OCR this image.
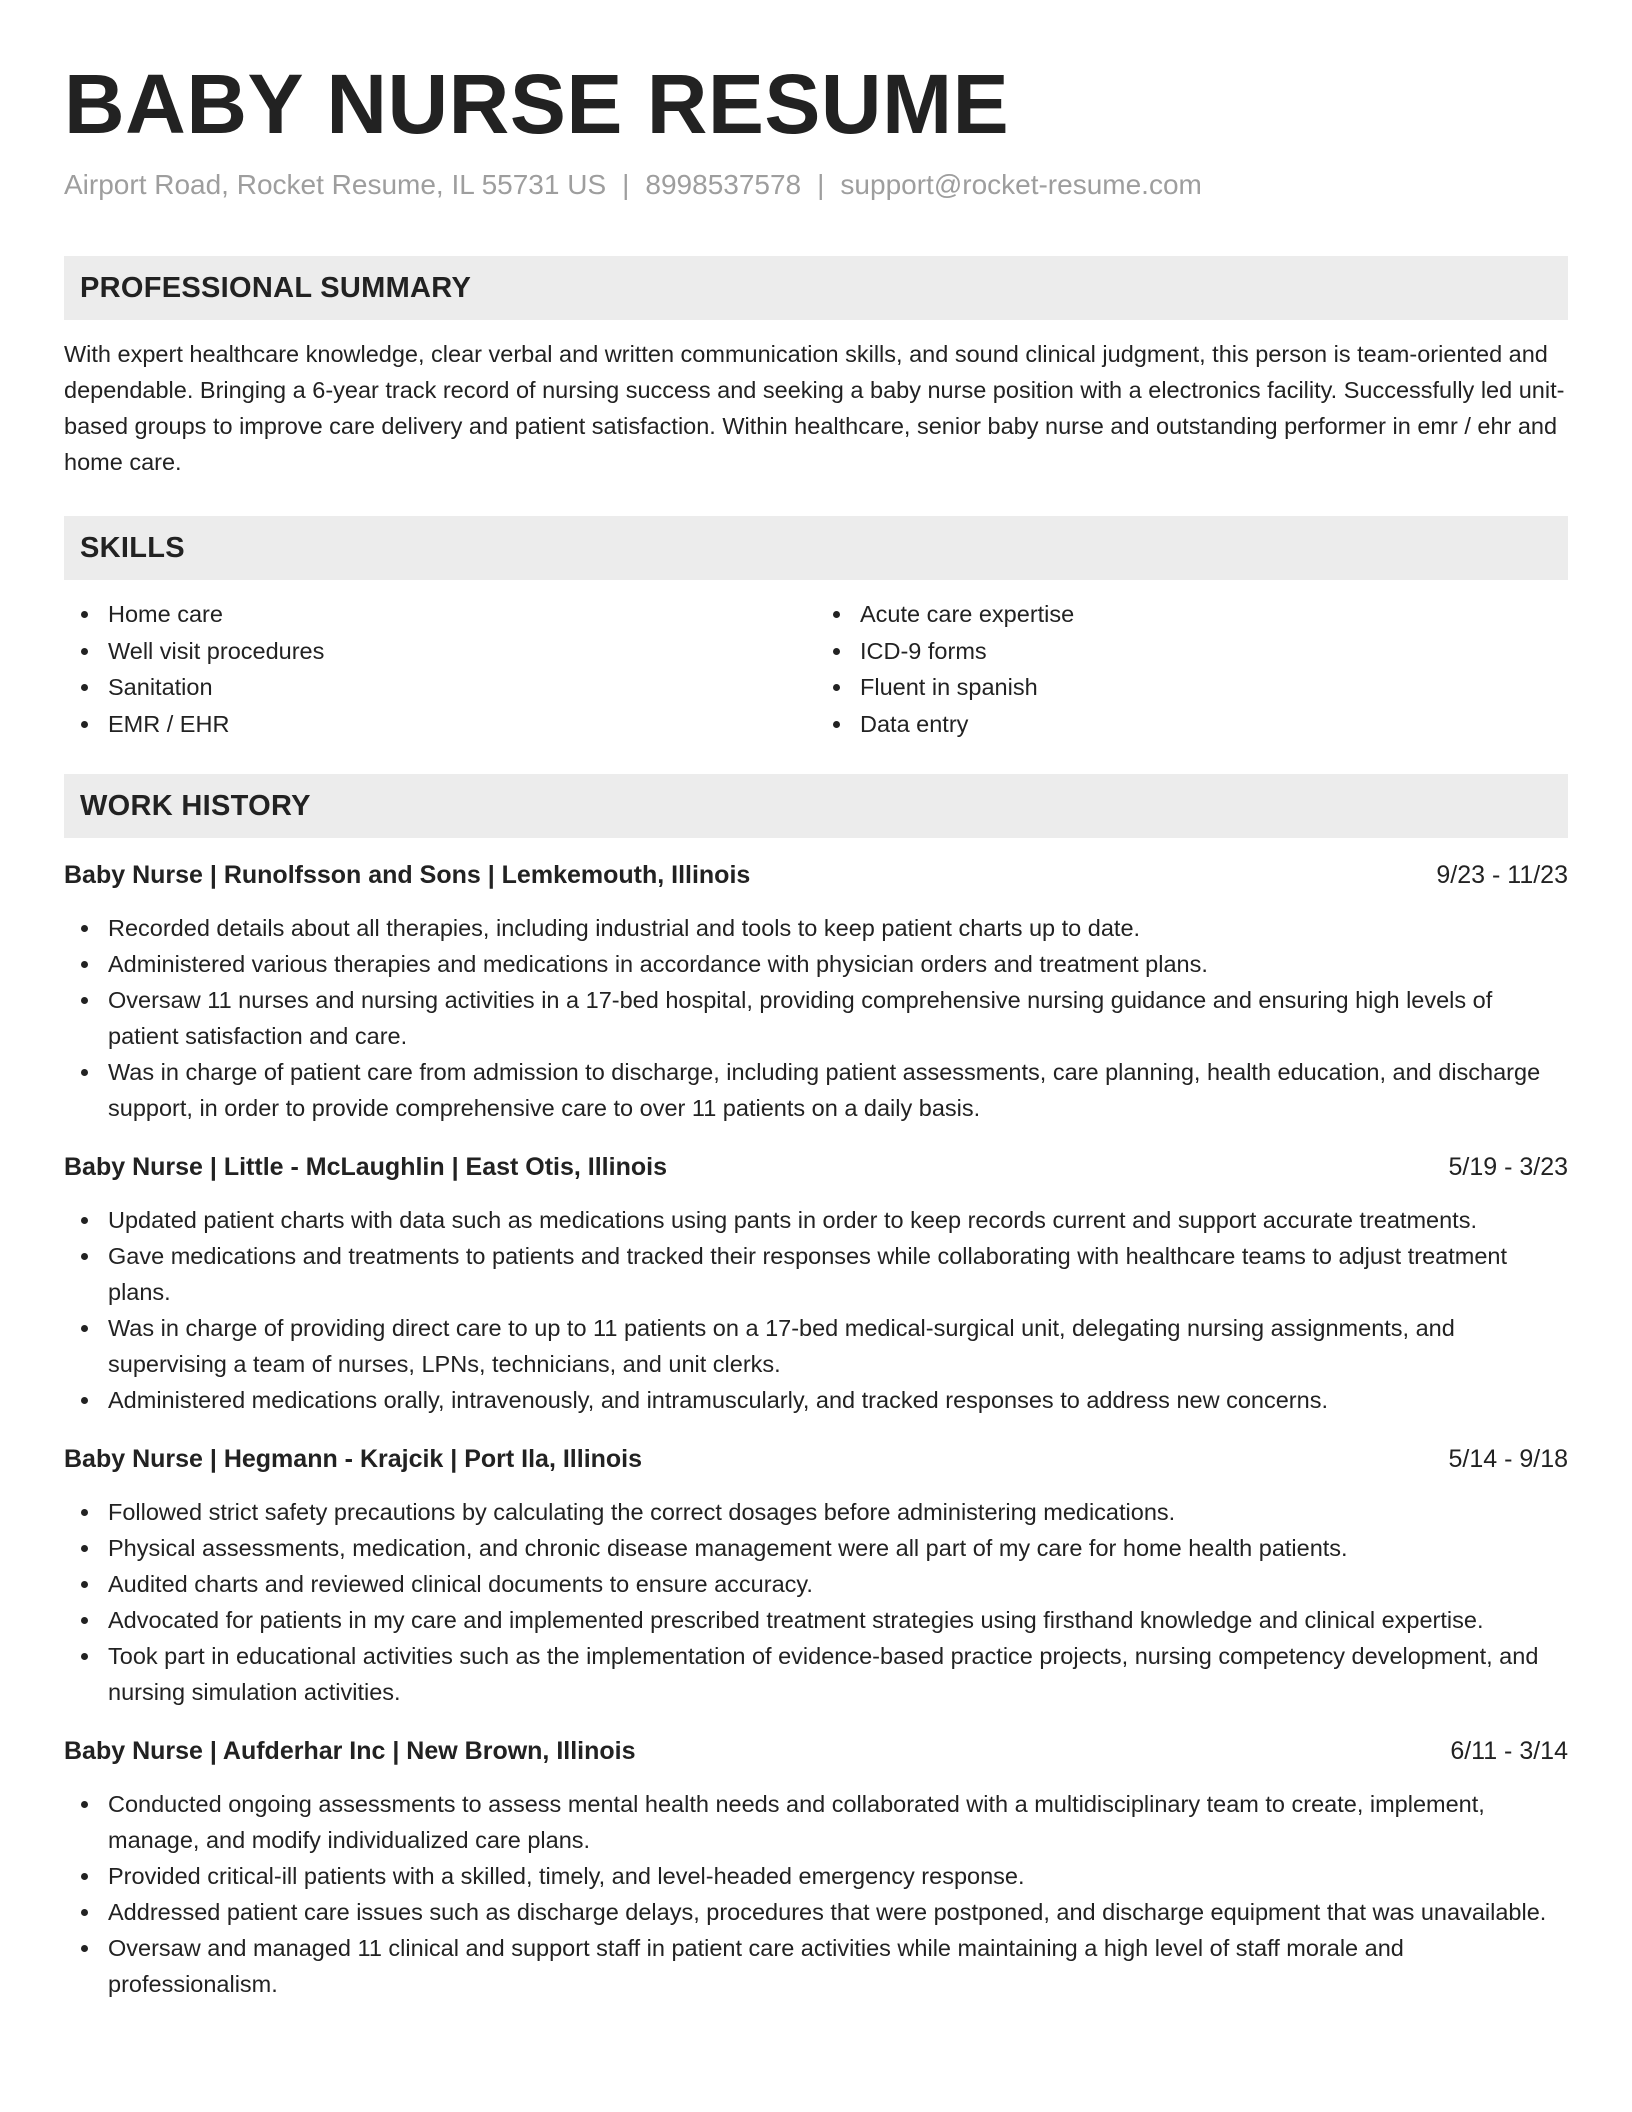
BABY NURSE RESUME
Airport Road, Rocket Resume, IL 55731 US | 8998537578 | support@rocket-resume.com
PROFESSIONAL SUMMARY

With expert healthcare knowledge, clear verbal and written communication skills, and sound clinical judgment, this person is team-oriented and dependable. Bringing a 6-year track record of nursing success and seeking a baby nurse position with a electronics facility. Successfully led unit-based groups to improve care delivery and patient satisfaction. Within healthcare, senior baby nurse and outstanding performer in emr / ehr and home care.

SKILLS
Home care
Well visit procedures
Sanitation
EMR / EHR
Acute care expertise
ICD-9 forms
Fluent in spanish
Data entry
WORK HISTORY
Baby Nurse | Runolfsson and Sons | Lemkemouth, Illinois	9/23 - 11/23
Recorded details about all therapies, including industrial and tools to keep patient charts up to date.
Administered various therapies and medications in accordance with physician orders and treatment plans.
Oversaw 11 nurses and nursing activities in a 17-bed hospital, providing comprehensive nursing guidance and ensuring high levels of patient satisfaction and care.
Was in charge of patient care from admission to discharge, including patient assessments, care planning, health education, and discharge support, in order to provide comprehensive care to over 11 patients on a daily basis.
Baby Nurse | Little - McLaughlin | East Otis, Illinois	5/19 - 3/23
Updated patient charts with data such as medications using pants in order to keep records current and support accurate treatments.
Gave medications and treatments to patients and tracked their responses while collaborating with healthcare teams to adjust treatment plans.
Was in charge of providing direct care to up to 11 patients on a 17-bed medical-surgical unit, delegating nursing assignments, and supervising a team of nurses, LPNs, technicians, and unit clerks.
Administered medications orally, intravenously, and intramuscularly, and tracked responses to address new concerns.
Baby Nurse | Hegmann - Krajcik | Port Ila, Illinois	5/14 - 9/18
Followed strict safety precautions by calculating the correct dosages before administering medications.
Physical assessments, medication, and chronic disease management were all part of my care for home health patients.
Audited charts and reviewed clinical documents to ensure accuracy.
Advocated for patients in my care and implemented prescribed treatment strategies using firsthand knowledge and clinical expertise.
Took part in educational activities such as the implementation of evidence-based practice projects, nursing competency development, and nursing simulation activities.
Baby Nurse | Aufderhar Inc | New Brown, Illinois	6/11 - 3/14
Conducted ongoing assessments to assess mental health needs and collaborated with a multidisciplinary team to create, implement, manage, and modify individualized care plans.
Provided critical-ill patients with a skilled, timely, and level-headed emergency response.
Addressed patient care issues such as discharge delays, procedures that were postponed, and discharge equipment that was unavailable.
Oversaw and managed 11 clinical and support staff in patient care activities while maintaining a high level of staff morale and professionalism.
